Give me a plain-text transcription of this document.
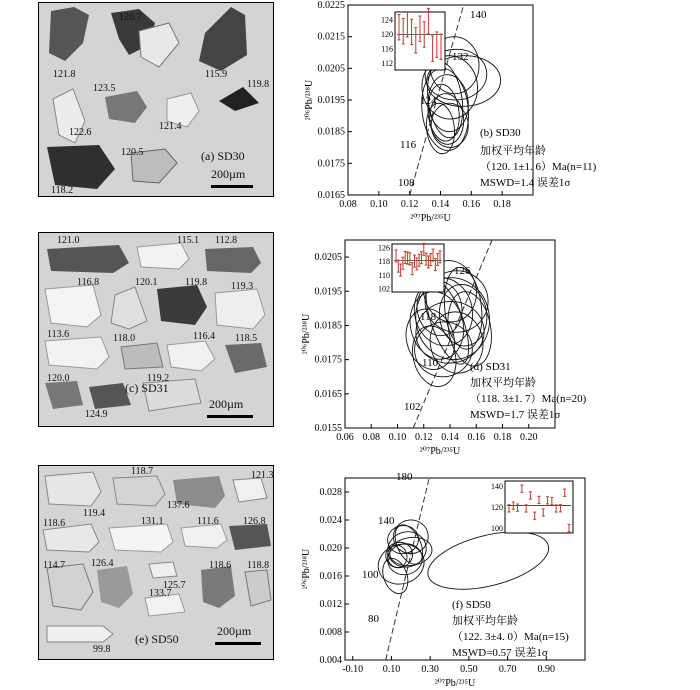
120.7
121.8	115.9
123.5	119.8
121.4
122.6
120.5
118.2
(a) SD30
200µm
121.0	115.1 112.8
116.8	120.1	119.8 119.3
113.6	118.0	116.4 118.5
120.0
124.9
119.2
(c) SD31
200µm
118.7	121.3
119.4
137.6
118.6	131.1	111.6 126.8
114.7	126.4
125.7
118.6 118.8
133.7
99.8
(e) SD50
200µm
0.08 0.10 0.12 0.14 0.16 0.18
0.0165
0.0175
0.0185
0.0195
0.0205
0.0215
0.0225
²⁰⁷Pb/²³⁵U
²⁰⁶Pb/²³⁸U
108
116
124
132
140
(b) SD30
加权平均年龄
（120. 1±1. 6）Ma(n=11)
MSWD=1.4 误差1σ
124
120
116
112
0.06 0.08 0.10 0.12 0.14 0.16 0.18 0.20
0.0155
0.0165
0.0175
0.0185
0.0195
0.0205
²⁰⁷Pb/²³⁵U
²⁰⁶Pb/²³⁸U
102
110
118
126
(d) SD31
加权平均年龄
（118. 3±1. 7）Ma(n=20)
MSWD=1.7 误差1σ
126
118
110
102
-0.10 0.10 0.30 0.50 0.70 0.90
0.004
0.008
0.012
0.016
0.020
0.024
0.028
²⁰⁷Pb/²³⁵U
²⁰⁶Pb/²³⁸U
80
100
140
180
(f) SD50
加权平均年龄
（122. 3±4. 0）Ma(n=15)
MSWD=0.57 误差1σ
140
120
100
